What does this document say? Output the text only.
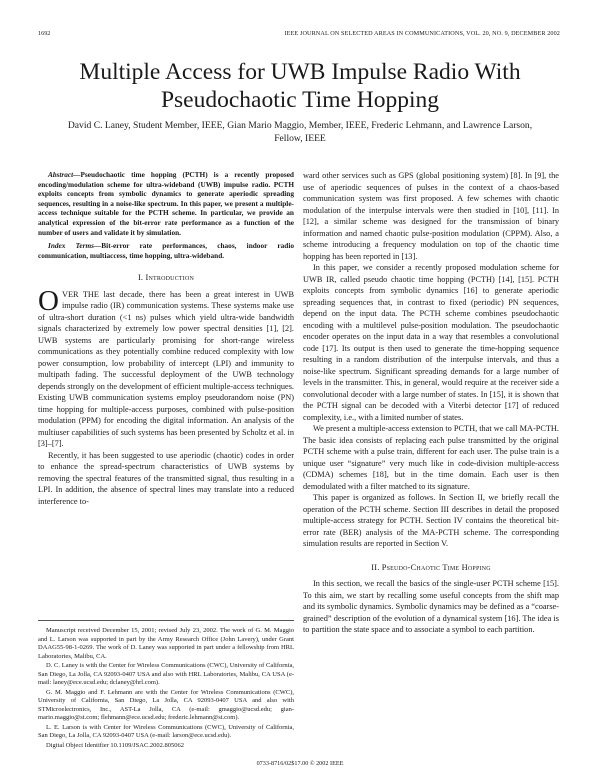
1692	IEEE JOURNAL ON SELECTED AREAS IN COMMUNICATIONS, VOL. 20, NO. 9, DECEMBER 2002
Multiple Access for UWB Impulse Radio With Pseudochaotic Time Hopping
David C. Laney, Student Member, IEEE, Gian Mario Maggio, Member, IEEE, Frederic Lehmann, and Lawrence Larson, Fellow, IEEE

Abstract—Pseudochaotic time hopping (PCTH) is a recently proposed encoding/modulation scheme for ultra-wideband (UWB) impulse radio. PCTH exploits concepts from symbolic dynamics to generate aperiodic spreading sequences, resulting in a noise-like spectrum. In this paper, we present a multiple-access technique suitable for the PCTH scheme. In particular, we provide an analytical expression of the bit-error rate performance as a function of the number of users and validate it by simulation.

Index Terms—Bit-error rate performances, chaos, indoor radio communication, multiaccess, time hopping, ultra-wideband.

I. Introduction

OVER THE last decade, there has been a great interest in UWB impulse radio (IR) communication systems. These systems make use of ultra-short duration (<1 ns) pulses which yield ultra-wide bandwidth signals characterized by extremely low power spectral densities [1], [2]. UWB systems are particularly promising for short-range wireless communications as they potentially combine reduced complexity with low power consumption, low probability of intercept (LPI) and immunity to multipath fading. The successful deployment of the UWB technology depends strongly on the development of efficient multiple-access techniques. Existing UWB communication systems employ pseudorandom noise (PN) time hopping for multiple-access purposes, combined with pulse-position modulation (PPM) for encoding the digital information. An analysis of the multiuser capabilities of such systems has been presented by Scholtz et al. in [3]–[7].

Recently, it has been suggested to use aperiodic (chaotic) codes in order to enhance the spread-spectrum characteristics of UWB systems by removing the spectral features of the transmitted signal, thus resulting in a LPI. In addition, the absence of spectral lines may translate into a reduced interference to-

Manuscript received December 15, 2001; revised July 23, 2002. The work of G. M. Maggio and L. Larson was supported in part by the Army Research Office (John Lavery), under Grant DAAG55-98-1-0269. The work of D. Laney was supported in part under a fellowship from HRL Laboratories, Malibu, CA.

D. C. Laney is with the Center for Wireless Communications (CWC), University of California, San Diego, La Jolla, CA 92093-0407 USA and also with HRL Laboratories, Malibu, CA USA (e-mail: laney@ece.ucsd.edu; dclaney@hrl.com).

G. M. Maggio and F. Lehmann are with the Center for Wireless Communications (CWC), University of California, San Diego, La Jolla, CA 92093-0407 USA and also with STMicroelectronics, Inc., AST-La Jolla, CA (e-mail: gmaggio@ucsd.edu; gian-mario.maggio@st.com; flehmann@ece.ucsd.edu; frederic.lehmann@st.com).

L. E. Larson is with Center for Wireless Communications (CWC), University of California, San Diego, La Jolla, CA 92093-0407 USA (e-mail: larson@ece.ucsd.edu).

Digital Object Identifier 10.1109/JSAC.2002.805062

ward other services such as GPS (global positioning system) [8]. In [9], the use of aperiodic sequences of pulses in the context of a chaos-based communication system was first proposed. A few schemes with chaotic modulation of the interpulse intervals were then studied in [10], [11]. In [12], a similar scheme was designed for the transmission of binary information and named chaotic pulse-position modulation (CPPM). Also, a scheme introducing a frequency modulation on top of the chaotic time hopping has been reported in [13].

In this paper, we consider a recently proposed modulation scheme for UWB IR, called pseudo chaotic time hopping (PCTH) [14], [15]. PCTH exploits concepts from symbolic dynamics [16] to generate aperiodic spreading sequences that, in contrast to fixed (periodic) PN sequences, depend on the input data. The PCTH scheme combines pseudochaotic encoding with a multilevel pulse-position modulation. The pseudochaotic encoder operates on the input data in a way that resembles a convolutional code [17]. Its output is then used to generate the time-hopping sequence resulting in a random distribution of the interpulse intervals, and thus a noise-like spectrum. Significant spreading demands for a large number of levels in the transmitter. This, in general, would require at the receiver side a convolutional decoder with a large number of states. In [15], it is shown that the PCTH signal can be decoded with a Viterbi detector [17] of reduced complexity, i.e., with a limited number of states.

We present a multiple-access extension to PCTH, that we call MA-PCTH. The basic idea consists of replacing each pulse transmitted by the original PCTH scheme with a pulse train, different for each user. The pulse train is a unique user “signature” very much like in code-division multiple-access (CDMA) schemes [18], but in the time domain. Each user is then demodulated with a filter matched to its signature.

This paper is organized as follows. In Section II, we briefly recall the operation of the PCTH scheme. Section III describes in detail the proposed multiple-access strategy for PCTH. Section IV contains the theoretical bit-error rate (BER) analysis of the MA-PCTH scheme. The corresponding simulation results are reported in Section V.

II. Pseudo-Chaotic Time Hopping

In this section, we recall the basics of the single-user PCTH scheme [15]. To this aim, we start by recalling some useful concepts from the shift map and its symbolic dynamics. Symbolic dynamics may be defined as a “coarse-grained” description of the evolution of a dynamical system [16]. The idea is to partition the state space and to associate a symbol to each partition.

0733-8716/02$17.00 © 2002 IEEE
